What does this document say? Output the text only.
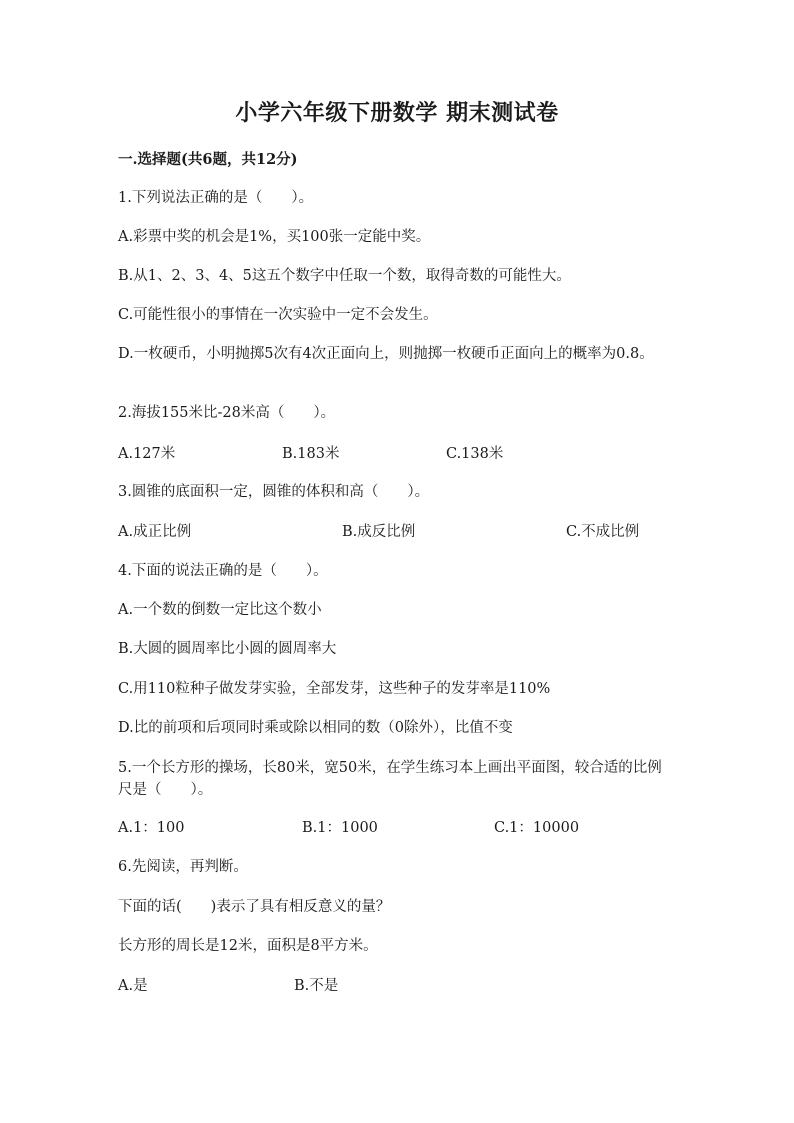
小学六年级下册数学 期末测试卷
一.选择题(共6题，共12分)
1.下列说法正确的是（　　）。
A.彩票中奖的机会是1%，买100张一定能中奖。
B.从1、2、3、4、5这五个数字中任取一个数，取得奇数的可能性大。
C.可能性很小的事情在一次实验中一定不会发生。
D.一枚硬币，小明抛掷5次有4次正面向上，则抛掷一枚硬币正面向上的概率为0.8。
2.海拔155米比-28米高（　　）。
A.127米	B.183米	C.138米
3.圆锥的底面积一定，圆锥的体积和高（　　）。
A.成正比例	B.成反比例	C.不成比例
4.下面的说法正确的是（　　）。
A.一个数的倒数一定比这个数小
B.大圆的圆周率比小圆的圆周率大
C.用110粒种子做发芽实验，全部发芽，这些种子的发芽率是110%
D.比的前项和后项同时乘或除以相同的数（0除外），比值不变
5.一个长方形的操场，长80米，宽50米，在学生练习本上画出平面图，较合适的比例尺是（　　）。
A.1：100	B.1：1000	C.1：10000
6.先阅读，再判断。
下面的话(　　)表示了具有相反意义的量？
长方形的周长是12米，面积是8平方米。
A.是	B.不是
